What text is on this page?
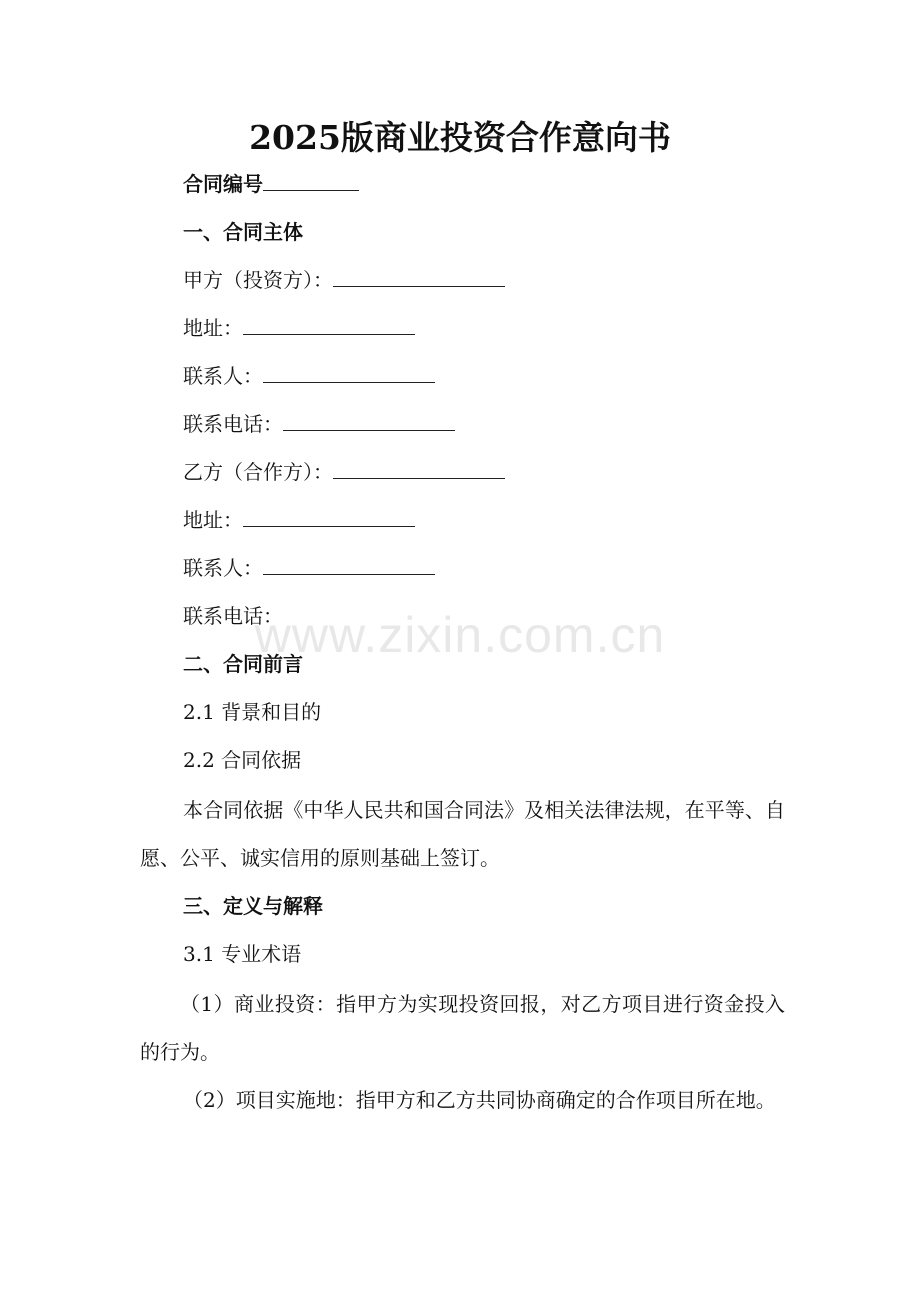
2025版商业投资合作意向书
合同编号
一、合同主体
甲方（投资方）：
地址：
联系人：
联系电话：
乙方（合作方）：
地址：
联系人：
联系电话：
二、合同前言
2.1 背景和目的
2.2 合同依据
本合同依据《中华人民共和国合同法》及相关法律法规，在平等、自愿、公平、诚实信用的原则基础上签订。
三、定义与解释
3.1 专业术语
（1）商业投资：指甲方为实现投资回报，对乙方项目进行资金投入的行为。
（2）项目实施地：指甲方和乙方共同协商确定的合作项目所在地。
www.zixin.com.cn
